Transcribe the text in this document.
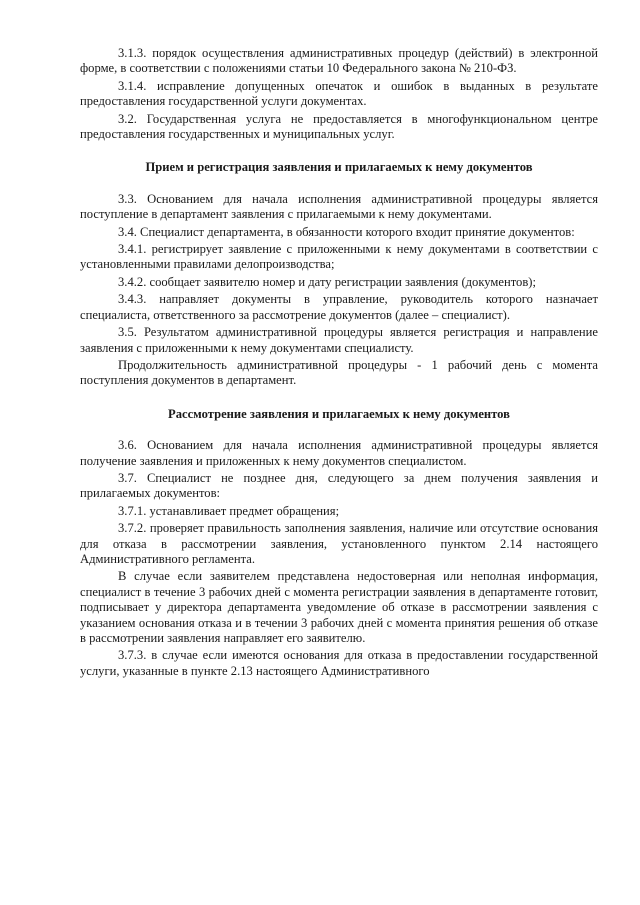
3.1.3. порядок осуществления административных процедур (действий) в электронной форме, в соответствии с положениями статьи 10 Федерального закона № 210-ФЗ.

3.1.4. исправление допущенных опечаток и ошибок в выданных в результате предоставления государственной услуги документах.

3.2. Государственная услуга не предоставляется в многофункциональном центре предоставления государственных и муниципальных услуг.

Прием и регистрация заявления и прилагаемых к нему документов

3.3. Основанием для начала исполнения административной процедуры является поступление в департамент заявления с прилагаемыми к нему документами.

3.4. Специалист департамента, в обязанности которого входит принятие документов:

3.4.1. регистрирует заявление с приложенными к нему документами в соответствии с установленными правилами делопроизводства;

3.4.2. сообщает заявителю номер и дату регистрации заявления (документов);

3.4.3. направляет документы в управление, руководитель которого назначает специалиста, ответственного за рассмотрение документов (далее – специалист).

3.5. Результатом административной процедуры является регистрация и направление заявления с приложенными к нему документами специалисту.

Продолжительность административной процедуры - 1 рабочий день с момента поступления документов в департамент.

Рассмотрение заявления и прилагаемых к нему документов

3.6. Основанием для начала исполнения административной процедуры является получение заявления и приложенных к нему документов специалистом.

3.7. Специалист не позднее дня, следующего за днем получения заявления и прилагаемых документов:

3.7.1. устанавливает предмет обращения;

3.7.2. проверяет правильность заполнения заявления, наличие или отсутствие основания для отказа в рассмотрении заявления, установленного пунктом 2.14 настоящего Административного регламента.

В случае если заявителем представлена недостоверная или неполная информация, специалист в течение 3 рабочих дней с момента регистрации заявления в департаменте готовит, подписывает у директора департамента уведомление об отказе в рассмотрении заявления с указанием основания отказа и в течении 3 рабочих дней с момента принятия решения об отказе в рассмотрении заявления направляет его заявителю.

3.7.3. в случае если имеются основания для отказа в предоставлении государственной услуги, указанные в пункте 2.13 настоящего Административного
